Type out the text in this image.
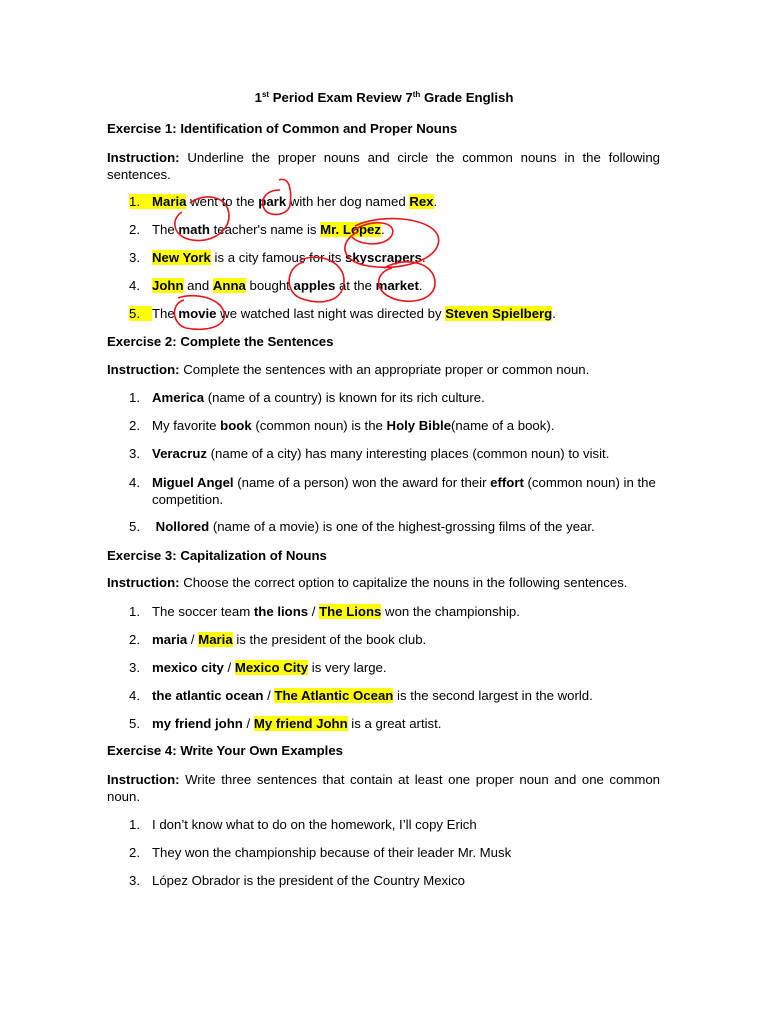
1st Period Exam Review 7th Grade English
Exercise 1: Identification of Common and Proper Nouns
Instruction: Underline the proper nouns and circle the common nouns in the following sentences.
1. Maria went to the park with her dog named Rex.
2. The math teacher's name is Mr. Lopez.
3. New York is a city famous for its skyscrapers.
4. John and Anna bought apples at the market.
5. The movie we watched last night was directed by Steven Spielberg.
Exercise 2: Complete the Sentences
Instruction: Complete the sentences with an appropriate proper or common noun.
1. America (name of a country) is known for its rich culture.
2. My favorite book (common noun) is the Holy Bible(name of a book).
3. Veracruz (name of a city) has many interesting places (common noun) to visit.
4. Miguel Angel (name of a person) won the award for their effort (common noun) in the competition.
5. Nollored (name of a movie) is one of the highest-grossing films of the year.
Exercise 3: Capitalization of Nouns
Instruction: Choose the correct option to capitalize the nouns in the following sentences.
1. The soccer team the lions / The Lions won the championship.
2. maria / Maria is the president of the book club.
3. mexico city / Mexico City is very large.
4. the atlantic ocean / The Atlantic Ocean is the second largest in the world.
5. my friend john / My friend John is a great artist.
Exercise 4: Write Your Own Examples
Instruction: Write three sentences that contain at least one proper noun and one common noun.
1. I don’t know what to do on the homework, I’ll copy Erich
2. They won the championship because of their leader Mr. Musk
3. López Obrador is the president of the Country Mexico
